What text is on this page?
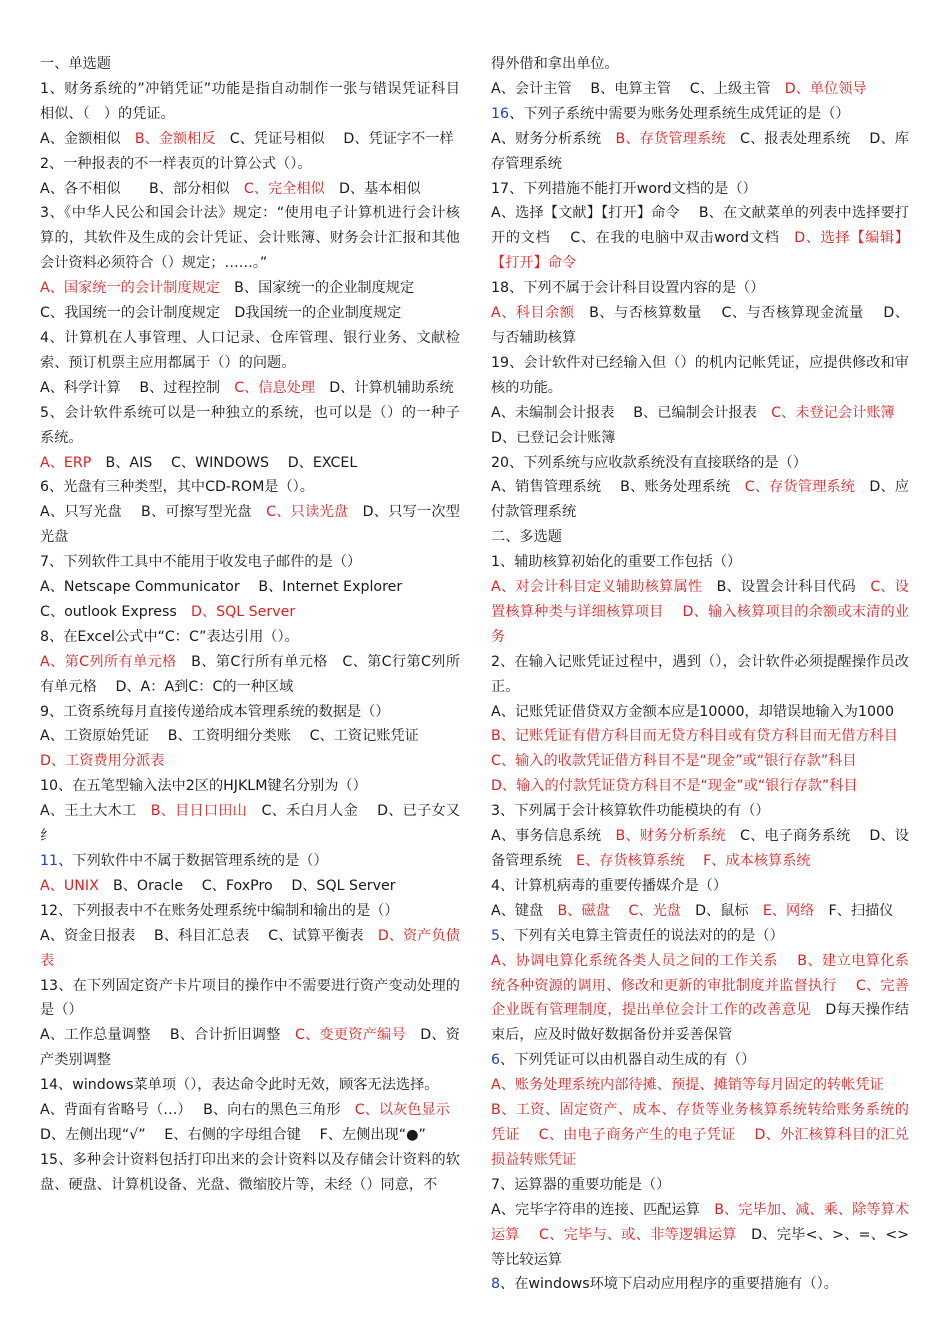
一、单选题

1、财务系统的”冲销凭证”功能是指自动制作一张与错误凭证科目相似、（　）的凭证。

A、金额相似　B、金额相反　C、凭证号相似　 D、凭证字不一样

2、一种报表的不一样表页的计算公式（）。

A、各不相似　　B、部分相似　C、完全相似　D、基本相似

3、《中华人民公和国会计法》规定：“使用电子计算机进行会计核算的，其软件及生成的会计凭证、会计账簿、财务会计汇报和其他会计资料必须符合（）规定；……。”

A、国家统一的会计制度规定　B、国家统一的企业制度规定

C、我国统一的会计制度规定　D我国统一的企业制度规定

4、计算机在人事管理、人口记录、仓库管理、银行业务、文献检索、预订机票主应用都属于（）的问题。

A、科学计算　 B、过程控制　C、信息处理　D、计算机辅助系统

5、会计软件系统可以是一种独立的系统，也可以是（）的一种子系统。

A、ERP　B、AIS　 C、WINDOWS　 D、EXCEL

6、光盘有三种类型，其中CD-ROM是（）。

A、只写光盘　 B、可擦写型光盘　C、只读光盘　D、只写一次型光盘

7、下列软件工具中不能用于收发电子邮件的是（）

A、Netscape Communicator　 B、Internet Explorer

C、outlook Express　D、SQL Server

8、在Excel公式中“C：C”表达引用（）。

A、第C列所有单元格　B、第C行所有单元格　C、第C行第C列所有单元格　 D、A：A到C：C的一种区域

9、工资系统每月直接传递给成本管理系统的数据是（）

A、工资原始凭证　 B、工资明细分类账　 C、工资记账凭证

D、工资费用分派表

10、在五笔型输入法中2区的HJKLM键名分别为（）

A、王土大木工　B、目日口田山　C、禾白月人金　 D、已子女又纟

11、下列软件中不属于数据管理系统的是（）

A、UNIX　B、Oracle　 C、FoxPro　 D、SQL Server

12、下列报表中不在账务处理系统中编制和输出的是（）

A、资金日报表　 B、科目汇总表　 C、试算平衡表　D、资产负债表

13、在下列固定资产卡片项目的操作中不需要进行资产变动处理的是（）

A、工作总量调整　 B、合计折旧调整　C、变更资产编号　D、资产类别调整

14、windows菜单项（），表达命令此时无效，顾客无法选择。

A、背面有省略号（…）　 B、向右的黑色三角形　C、以灰色显示　D、左侧出现“√”　 E、右侧的字母组合键　 F、左侧出现“●”

15、多种会计资料包括打印出来的会计资料以及存储会计资料的软盘、硬盘、计算机设备、光盘、微缩胶片等，未经（）同意，不

得外借和拿出单位。

A、会计主管　 B、电算主管　 C、上级主管　D、单位领导

16、下列子系统中需要为账务处理系统生成凭证的是（）

A、财务分析系统　B、存货管理系统　C、报表处理系统　 D、库存管理系统

17、下列措施不能打开word文档的是（）

A、选择【文献】【打开】命令　 B、在文献菜单的列表中选择要打开的文档　 C、在我的电脑中双击word文档　D、选择【编辑】【打开】命令

18、下列不属于会计科目设置内容的是（）

A、科目余额　B、与否核算数量　 C、与否核算现金流量　 D、与否辅助核算

19、会计软件对已经输入但（）的机内记帐凭证，应提供修改和审核的功能。

A、未编制会计报表　 B、已编制会计报表　C、未登记会计账簿　D、已登记会计账簿

20、下列系统与应收款系统没有直接联络的是（）

A、销售管理系统　 B、账务处理系统　C、存货管理系统　D、应付款管理系统

二、多选题

1、辅助核算初始化的重要工作包括（）

A、对会计科目定义辅助核算属性　B、设置会计科目代码　C、设置核算种类与详细核算项目　 D、输入核算项目的余额或末清的业务

2、在输入记账凭证过程中，遇到（），会计软件必须提醒操作员改正。

A、记账凭证借贷双方金额本应是10000，却错误地输入为1000

B、记账凭证有借方科目而无贷方科目或有贷方科目而无借方科目

C、输入的收款凭证借方科目不是“现金”或“银行存款”科目

D、输入的付款凭证贷方科目不是“现金”或“银行存款”科目

3、下列属于会计核算软件功能模块的有（）

A、事务信息系统　B、财务分析系统　C、电子商务系统　 D、设备管理系统　E、存货核算系统　 F、成本核算系统

4、计算机病毒的重要传播媒介是（）

A、键盘　B、磁盘　 C、光盘　D、鼠标　E、网络　F、扫描仪

5、下列有关电算主管责任的说法对的的是（）

A、协调电算化系统各类人员之间的工作关系　 B、建立电算化系统各种资源的调用、修改和更新的审批制度并监督执行　 C、完善企业既有管理制度，提出单位会计工作的改善意见　D每天操作结束后，应及时做好数据备份并妥善保管

6、下列凭证可以由机器自动生成的有（）

A、账务处理系统内部待摊、预提、摊销等每月固定的转帐凭证

B、工资、固定资产、成本、存货等业务核算系统转给账务系统的凭证　 C、由电子商务产生的电子凭证　 D、外汇核算科目的汇兑损益转账凭证

7、运算器的重要功能是（）

A、完毕字符串的连接、匹配运算　B、完毕加、减、乘、除等算术运算　 C、完毕与、或、非等逻辑运算　D、完毕<、>、=、<>等比较运算

8、在windows环境下启动应用程序的重要措施有（）。
